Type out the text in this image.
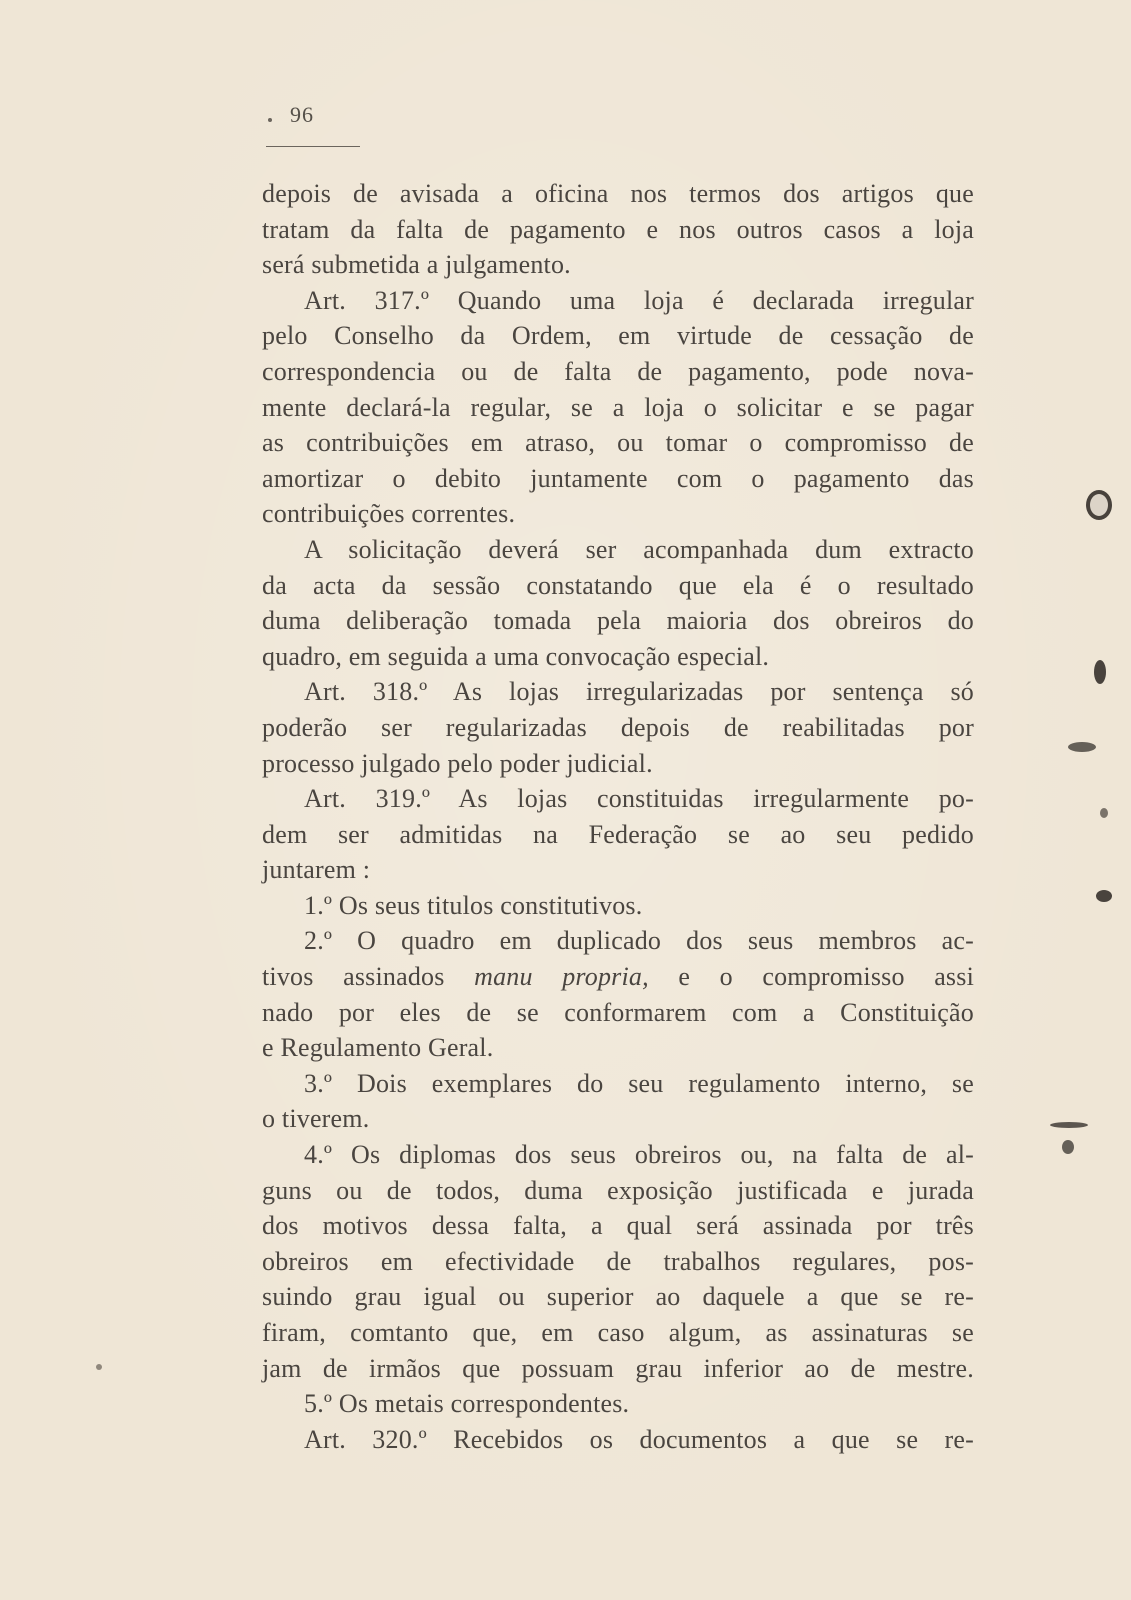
96
depois de avisada a oficina nos termos dos artigos que
tratam da falta de pagamento e nos outros casos a loja
será submetida a julgamento.
Art. 317.º Quando uma loja é declarada irregular
pelo Conselho da Ordem, em virtude de cessação de
correspondencia ou de falta de pagamento, pode nova-
mente declará-la regular, se a loja o solicitar e se pagar
as contribuições em atraso, ou tomar o compromisso de
amortizar o debito juntamente com o pagamento das
contribuições correntes.
A solicitação deverá ser acompanhada dum extracto
da acta da sessão constatando que ela é o resultado
duma deliberação tomada pela maioria dos obreiros do
quadro, em seguida a uma convocação especial.
Art. 318.º As lojas irregularizadas por sentença só
poderão ser regularizadas depois de reabilitadas por
processo julgado pelo poder judicial.
Art. 319.º As lojas constituidas irregularmente po-
dem ser admitidas na Federação se ao seu pedido
juntarem :
1.º Os seus titulos constitutivos.
2.º O quadro em duplicado dos seus membros ac-
tivos assinados manu propria, e o compromisso assi
nado por eles de se conformarem com a Constituição
e Regulamento Geral.
3.º Dois exemplares do seu regulamento interno, se
o tiverem.
4.º Os diplomas dos seus obreiros ou, na falta de al-
guns ou de todos, duma exposição justificada e jurada
dos motivos dessa falta, a qual será assinada por três
obreiros em efectividade de trabalhos regulares, pos-
suindo grau igual ou superior ao daquele a que se re-
firam, comtanto que, em caso algum, as assinaturas se
jam de irmãos que possuam grau inferior ao de mestre.
5.º Os metais correspondentes.
Art. 320.º Recebidos os documentos a que se re-
